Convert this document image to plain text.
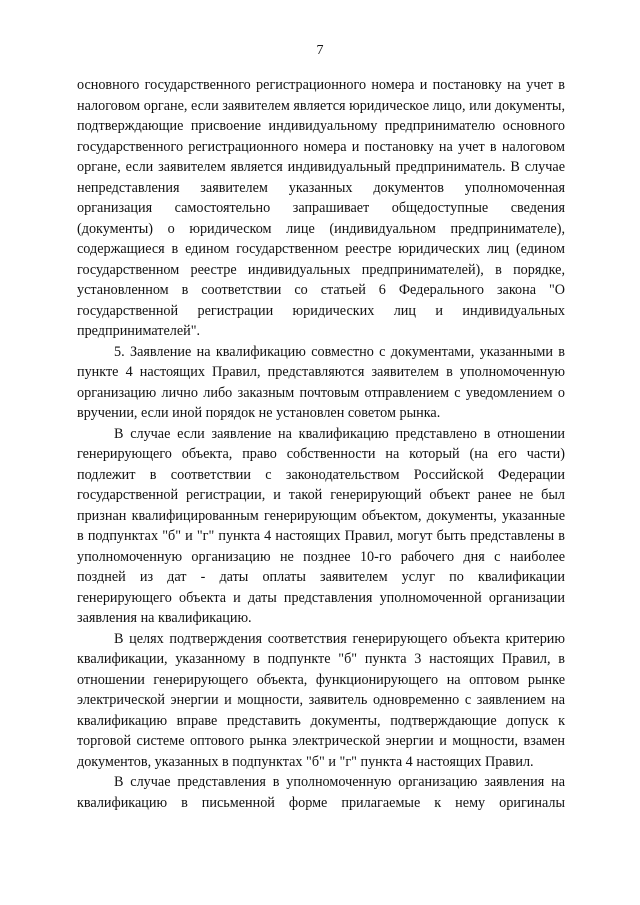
7

основного государственного регистрационного номера и постановку на учет в налоговом органе, если заявителем является юридическое лицо, или документы, подтверждающие присвоение индивидуальному предпринимателю основного государственного регистрационного номера и постановку на учет в налоговом органе, если заявителем является индивидуальный предприниматель. В случае непредставления заявителем указанных документов уполномоченная организация самостоятельно запрашивает общедоступные сведения (документы) о юридическом лице (индивидуальном предпринимателе), содержащиеся в едином государственном реестре юридических лиц (едином государственном реестре индивидуальных предпринимателей), в порядке, установленном в соответствии со статьей 6 Федерального закона "О государственной регистрации юридических лиц и индивидуальных предпринимателей".

5. Заявление на квалификацию совместно с документами, указанными в пункте 4 настоящих Правил, представляются заявителем в уполномоченную организацию лично либо заказным почтовым отправлением с уведомлением о вручении, если иной порядок не установлен советом рынка.

В случае если заявление на квалификацию представлено в отношении генерирующего объекта, право собственности на который (на его части) подлежит в соответствии с законодательством Российской Федерации государственной регистрации, и такой генерирующий объект ранее не был признан квалифицированным генерирующим объектом, документы, указанные в подпунктах "б" и "г" пункта 4 настоящих Правил, могут быть представлены в уполномоченную организацию не позднее 10-го рабочего дня с наиболее поздней из дат - даты оплаты заявителем услуг по квалификации генерирующего объекта и даты представления уполномоченной организации заявления на квалификацию.

В целях подтверждения соответствия генерирующего объекта критерию квалификации, указанному в подпункте "б" пункта 3 настоящих Правил, в отношении генерирующего объекта, функционирующего на оптовом рынке электрической энергии и мощности, заявитель одновременно с заявлением на квалификацию вправе представить документы, подтверждающие допуск к торговой системе оптового рынка электрической энергии и мощности, взамен документов, указанных в подпунктах "б" и "г" пункта 4 настоящих Правил.

В случае представления в уполномоченную организацию заявления на квалификацию в письменной форме прилагаемые к нему оригиналы
